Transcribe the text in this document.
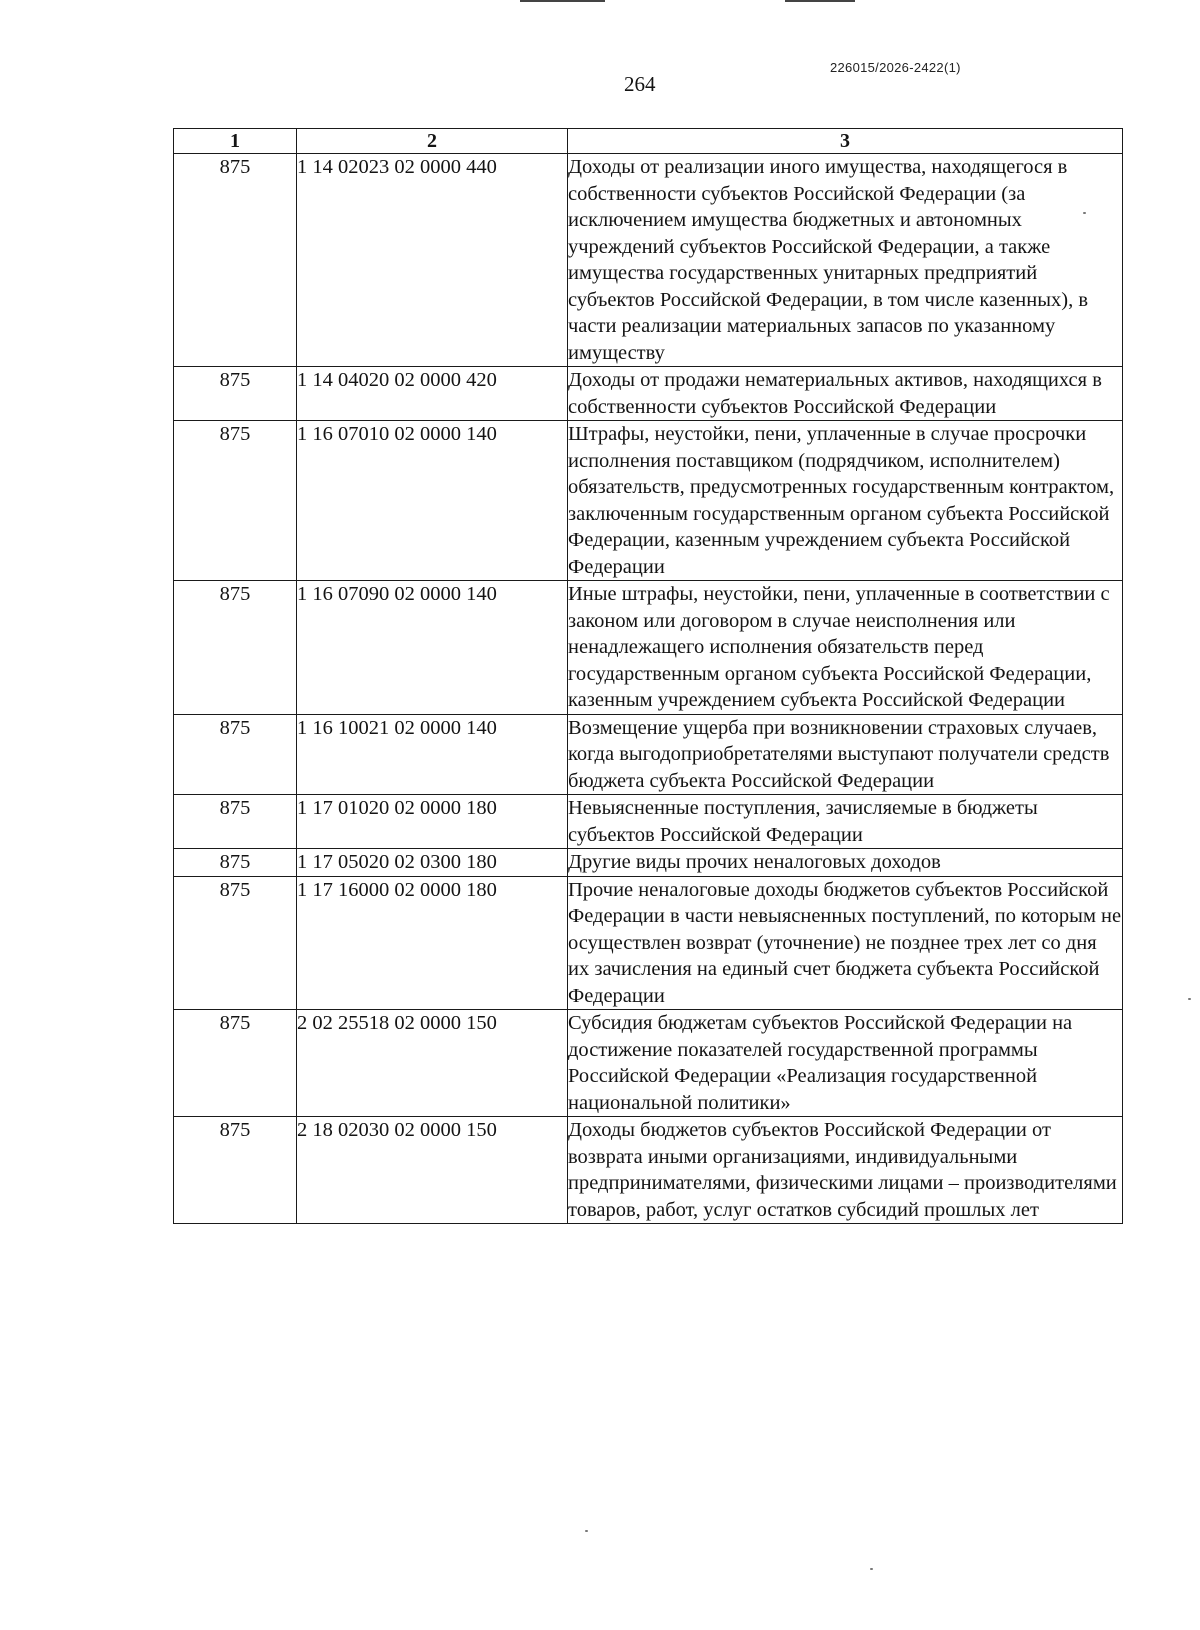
226015/2026-2422(1)
264
1	2	3
875	1 14 02023 02 0000 440	Доходы от реализации иного имущества, находящегося в собственности субъектов Российской Федерации (за исключением имущества бюджетных и автономных учреждений субъектов Российской Федерации, а также имущества государственных унитарных предприятий субъектов Российской Федерации, в том числе казенных), в части реализации материальных запасов по указанному имуществу
875	1 14 04020 02 0000 420	Доходы от продажи нематериальных активов, находящихся в собственности субъектов Российской Федерации
875	1 16 07010 02 0000 140	Штрафы, неустойки, пени, уплаченные в случае просрочки исполнения поставщиком (подрядчиком, исполнителем) обязательств, предусмотренных государственным контрактом, заключенным государственным органом субъекта Российской Федерации, казенным учреждением субъекта Российской Федерации
875	1 16 07090 02 0000 140	Иные штрафы, неустойки, пени, уплаченные в соответствии с законом или договором в случае неисполнения или ненадлежащего исполнения обязательств перед государственным органом субъекта Российской Федерации, казенным учреждением субъекта Российской Федерации
875	1 16 10021 02 0000 140	Возмещение ущерба при возникновении страховых случаев, когда выгодоприобретателями выступают получатели средств бюджета субъекта Российской Федерации
875	1 17 01020 02 0000 180	Невыясненные поступления, зачисляемые в бюджеты субъектов Российской Федерации
875	1 17 05020 02 0300 180	Другие виды прочих неналоговых доходов
875	1 17 16000 02 0000 180	Прочие неналоговые доходы бюджетов субъектов Российской Федерации в части невыясненных поступлений, по которым не осуществлен возврат (уточнение) не позднее трех лет со дня их зачисления на единый счет бюджета субъекта Российской Федерации
875	2 02 25518 02 0000 150	Субсидия бюджетам субъектов Российской Федерации на достижение показателей государственной программы Российской Федерации «Реализация государственной национальной политики»
875	2 18 02030 02 0000 150	Доходы бюджетов субъектов Российской Федерации от возврата иными организациями, индивидуальными предпринимателями, физическими лицами – производителями товаров, работ, услуг остатков субсидий прошлых лет
